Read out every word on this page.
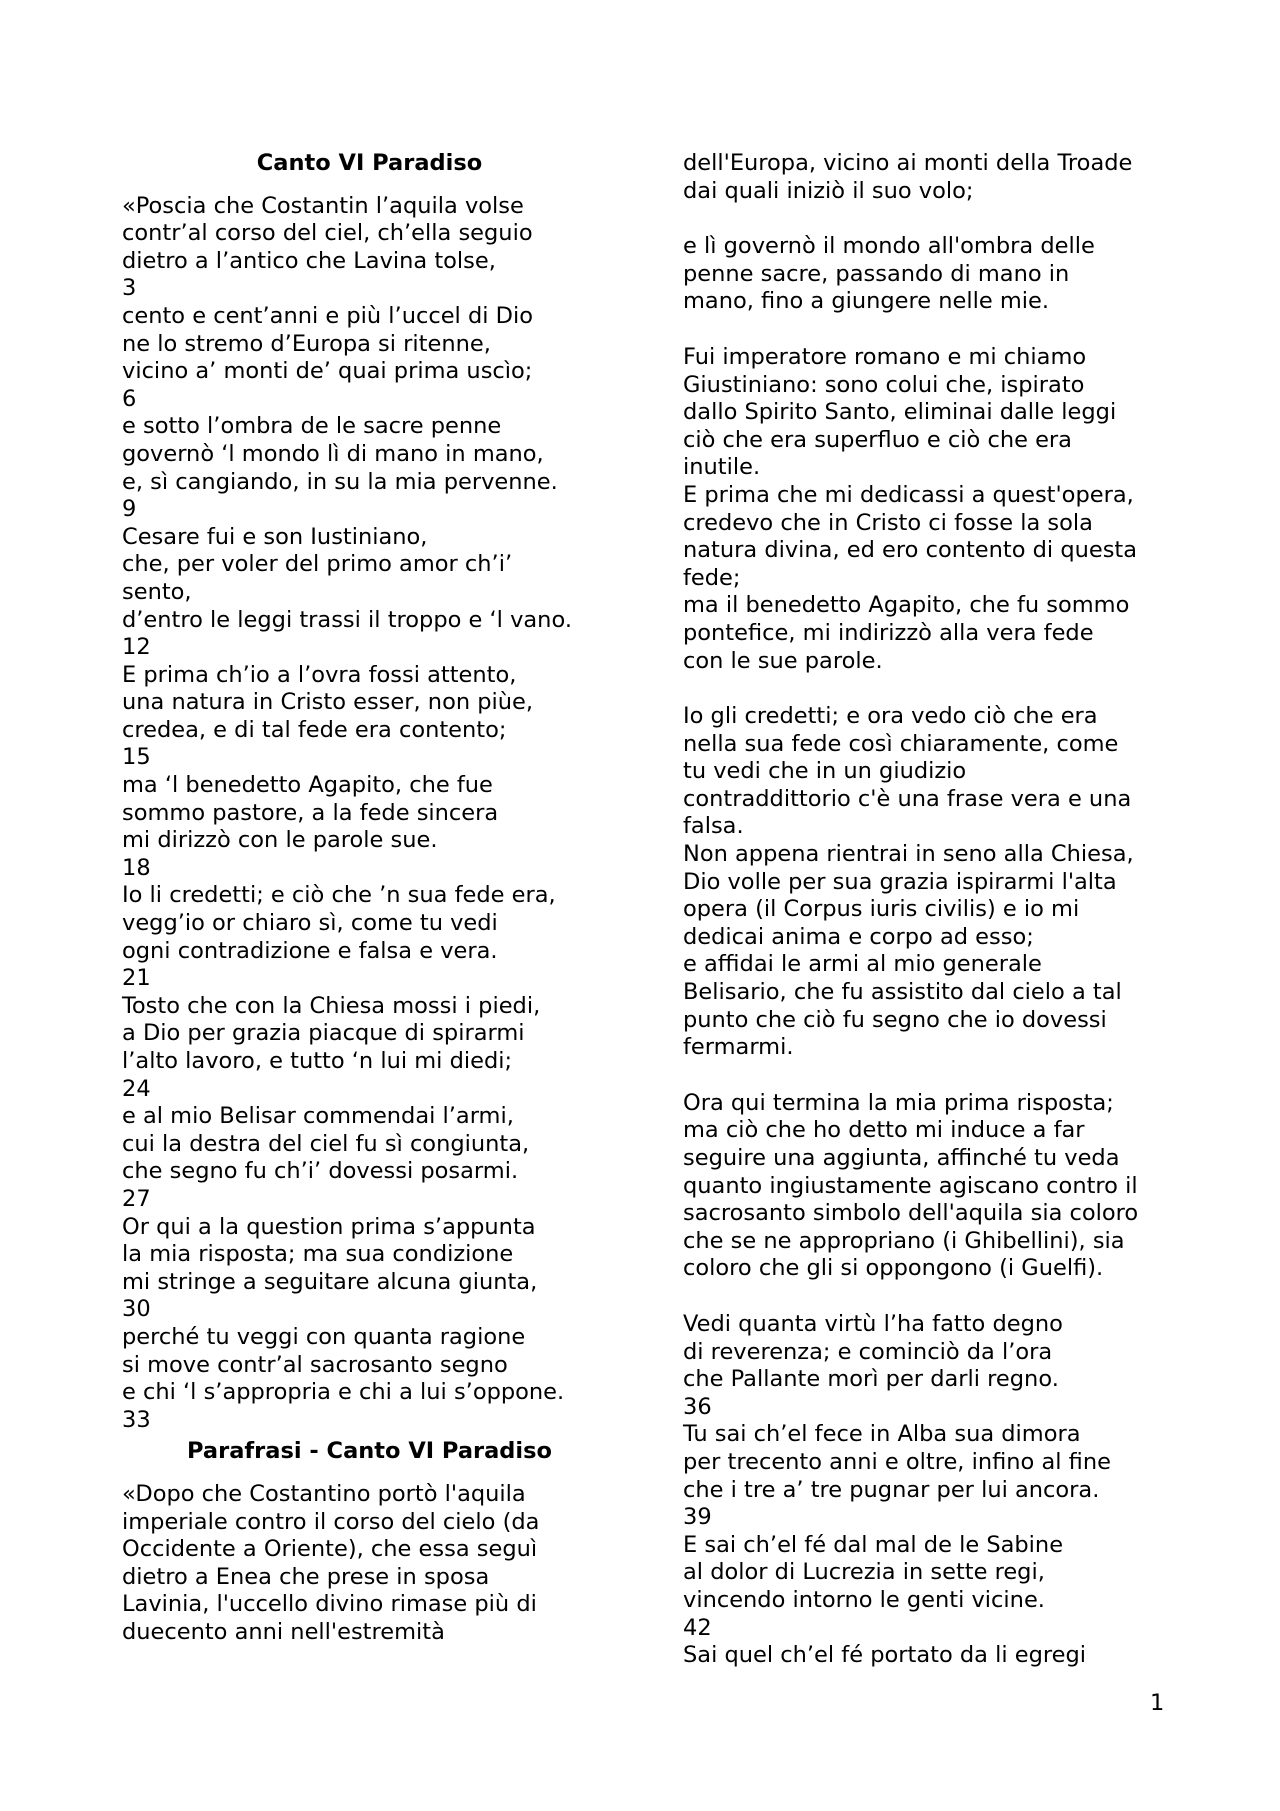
Canto VI Paradiso
«Poscia che Costantin l’aquila volse
contr’al corso del ciel, ch’ella seguio
dietro a l’antico che Lavina tolse,
3
cento e cent’anni e più l’uccel di Dio
ne lo stremo d’Europa si ritenne,
vicino a’ monti de’ quai prima uscìo;
6
e sotto l’ombra de le sacre penne
governò ‘l mondo lì di mano in mano,
e, sì cangiando, in su la mia pervenne.
9
Cesare fui e son Iustiniano,
che, per voler del primo amor ch’i’
sento,
d’entro le leggi trassi il troppo e ‘l vano.
12
E prima ch’io a l’ovra fossi attento,
una natura in Cristo esser, non piùe,
credea, e di tal fede era contento;
15
ma ‘l benedetto Agapito, che fue
sommo pastore, a la fede sincera
mi dirizzò con le parole sue.
18
Io li credetti; e ciò che ’n sua fede era,
vegg’io or chiaro sì, come tu vedi
ogni contradizione e falsa e vera.
21
Tosto che con la Chiesa mossi i piedi,
a Dio per grazia piacque di spirarmi
l’alto lavoro, e tutto ‘n lui mi diedi;
24
e al mio Belisar commendai l’armi,
cui la destra del ciel fu sì congiunta,
che segno fu ch’i’ dovessi posarmi.
27
Or qui a la question prima s’appunta
la mia risposta; ma sua condizione
mi stringe a seguitare alcuna giunta,
30
perché tu veggi con quanta ragione
si move contr’al sacrosanto segno
e chi ‘l s’appropria e chi a lui s’oppone.
33
Parafrasi - Canto VI Paradiso
«Dopo che Costantino portò l'aquila
imperiale contro il corso del cielo (da
Occidente a Oriente), che essa seguì
dietro a Enea che prese in sposa
Lavinia, l'uccello divino rimase più di
duecento anni nell'estremità
dell'Europa, vicino ai monti della Troade
dai quali iniziò il suo volo;
e lì governò il mondo all'ombra delle
penne sacre, passando di mano in
mano, fino a giungere nelle mie.
Fui imperatore romano e mi chiamo
Giustiniano: sono colui che, ispirato
dallo Spirito Santo, eliminai dalle leggi
ciò che era superfluo e ciò che era
inutile.
E prima che mi dedicassi a quest'opera,
credevo che in Cristo ci fosse la sola
natura divina, ed ero contento di questa
fede;
ma il benedetto Agapito, che fu sommo
pontefice, mi indirizzò alla vera fede
con le sue parole.
Io gli credetti; e ora vedo ciò che era
nella sua fede così chiaramente, come
tu vedi che in un giudizio
contraddittorio c'è una frase vera e una
falsa.
Non appena rientrai in seno alla Chiesa,
Dio volle per sua grazia ispirarmi l'alta
opera (il Corpus iuris civilis) e io mi
dedicai anima e corpo ad esso;
e affidai le armi al mio generale
Belisario, che fu assistito dal cielo a tal
punto che ciò fu segno che io dovessi
fermarmi.
Ora qui termina la mia prima risposta;
ma ciò che ho detto mi induce a far
seguire una aggiunta, affinché tu veda
quanto ingiustamente agiscano contro il
sacrosanto simbolo dell'aquila sia coloro
che se ne appropriano (i Ghibellini), sia
coloro che gli si oppongono (i Guelfi).
Vedi quanta virtù l’ha fatto degno
di reverenza; e cominciò da l’ora
che Pallante morì per darli regno.
36
Tu sai ch’el fece in Alba sua dimora
per trecento anni e oltre, infino al fine
che i tre a’ tre pugnar per lui ancora.
39
E sai ch’el fé dal mal de le Sabine
al dolor di Lucrezia in sette regi,
vincendo intorno le genti vicine.
42
Sai quel ch’el fé portato da li egregi
1
